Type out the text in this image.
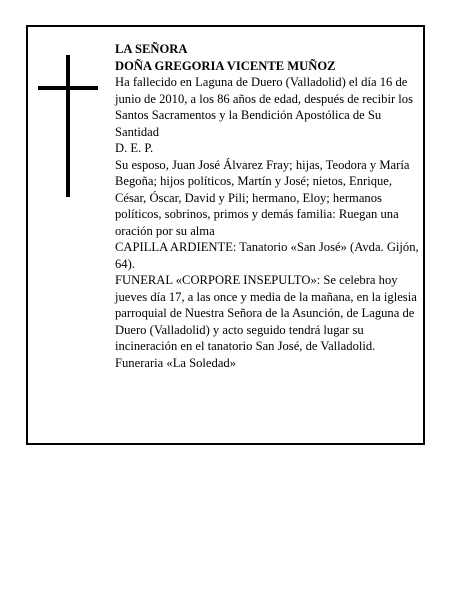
LA SEÑORA

DOÑA GREGORIA VICENTE MUÑOZ

Ha fallecido en Laguna de Duero (Valladolid) el día 16 de junio de 2010, a los 86 años de edad, después de recibir los Santos Sacramentos y la Bendición Apostólica de Su Santidad

D. E. P.

Su esposo, Juan José Álvarez Fray; hijas, Teodora y María Begoña; hijos políticos, Martín y José; nietos, Enrique, César, Óscar, David y Pili; hermano, Eloy; hermanos políticos, sobrinos, primos y demás familia: Ruegan una oración por su alma

CAPILLA ARDIENTE: Tanatorio «San José» (Avda. Gijón, 64).

FUNERAL «CORPORE INSEPULTO»: Se celebra hoy jueves día 17, a las once y media de la mañana, en la iglesia parroquial de Nuestra Señora de la Asunción, de Laguna de Duero (Valladolid) y acto seguido tendrá lugar su incineración en el tanatorio San José, de Valladolid.

Funeraria «La Soledad»
